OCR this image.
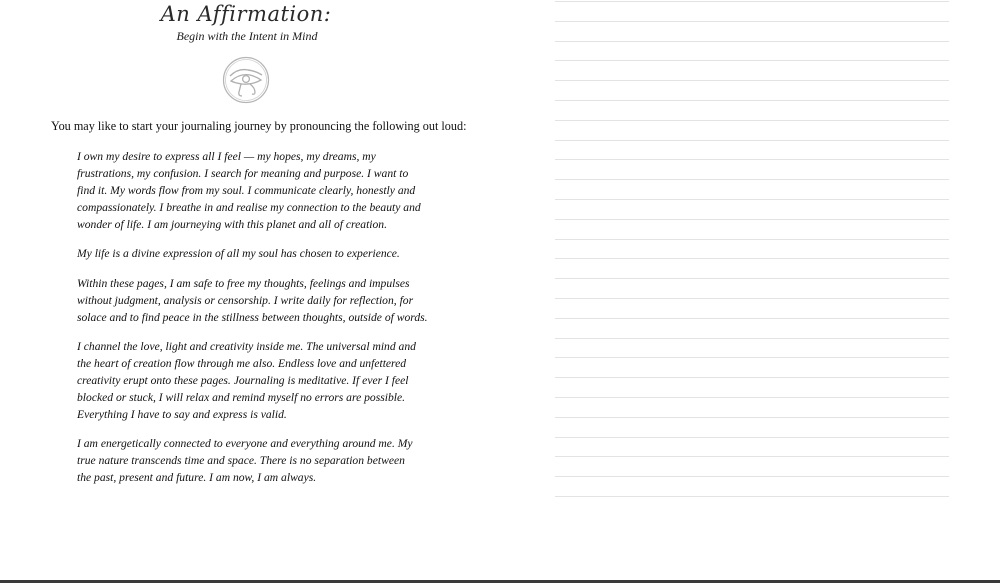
An Affirmation:
Begin with the Intent in Mind
You may like to start your journaling journey by pronouncing the following out loud:
I own my desire to express all I feel — my hopes, my dreams, my
frustrations, my confusion. I search for meaning and purpose. I want to
find it. My words flow from my soul. I communicate clearly, honestly and
compassionately. I breathe in and realise my connection to the beauty and
wonder of life. I am journeying with this planet and all of creation.
My life is a divine expression of all my soul has chosen to experience.
Within these pages, I am safe to free my thoughts, feelings and impulses
without judgment, analysis or censorship. I write daily for reflection, for
solace and to find peace in the stillness between thoughts, outside of words.
I channel the love, light and creativity inside me. The universal mind and
the heart of creation flow through me also. Endless love and unfettered
creativity erupt onto these pages. Journaling is meditative. If ever I feel
blocked or stuck, I will relax and remind myself no errors are possible.
Everything I have to say and express is valid.
I am energetically connected to everyone and everything around me. My
true nature transcends time and space. There is no separation between
the past, present and future. I am now, I am always.
